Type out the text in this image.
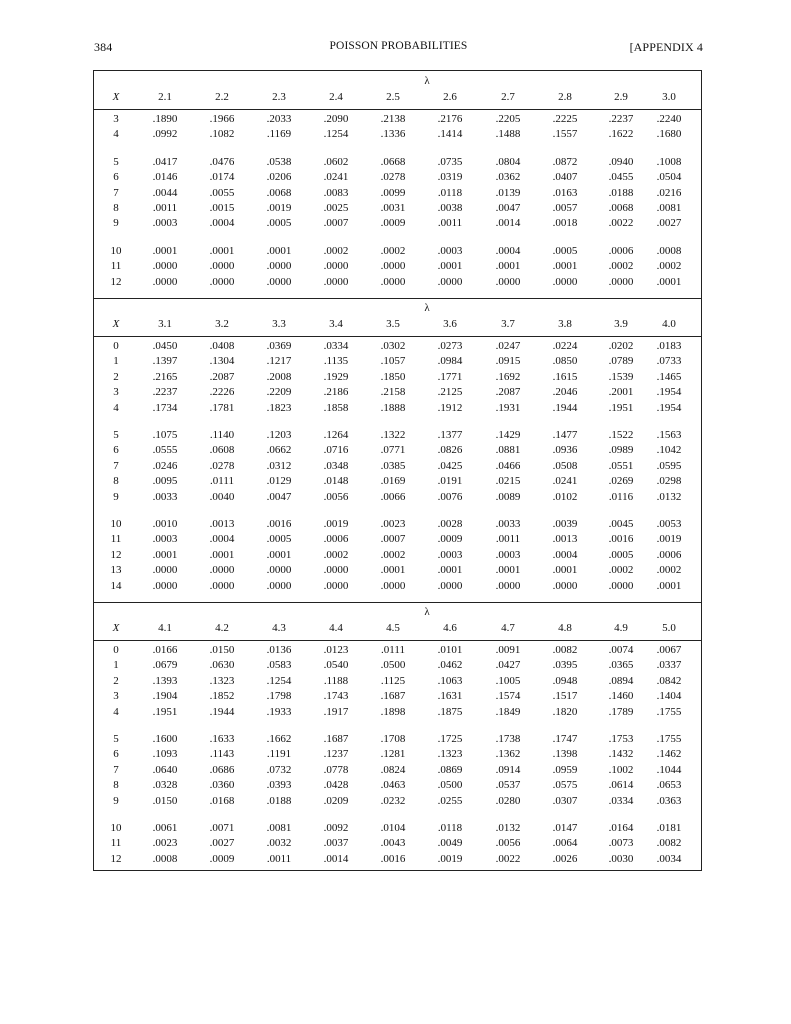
384	POISSON PROBABILITIES	[APPENDIX 4
λ
X	2.1	2.2	2.3	2.4	2.5	2.6	2.7	2.8	2.9	3.0
3	.1890	.1966	.2033	.2090	.2138	.2176	.2205	.2225	.2237	.2240
4	.0992	.1082	.1169	.1254	.1336	.1414	.1488	.1557	.1622	.1680
5	.0417	.0476	.0538	.0602	.0668	.0735	.0804	.0872	.0940	.1008
6	.0146	.0174	.0206	.0241	.0278	.0319	.0362	.0407	.0455	.0504
7	.0044	.0055	.0068	.0083	.0099	.0118	.0139	.0163	.0188	.0216
8	.0011	.0015	.0019	.0025	.0031	.0038	.0047	.0057	.0068	.0081
9	.0003	.0004	.0005	.0007	.0009	.0011	.0014	.0018	.0022	.0027
10	.0001	.0001	.0001	.0002	.0002	.0003	.0004	.0005	.0006	.0008
11	.0000	.0000	.0000	.0000	.0000	.0001	.0001	.0001	.0002	.0002
12	.0000	.0000	.0000	.0000	.0000	.0000	.0000	.0000	.0000	.0001
λ
X	3.1	3.2	3.3	3.4	3.5	3.6	3.7	3.8	3.9	4.0
0	.0450	.0408	.0369	.0334	.0302	.0273	.0247	.0224	.0202	.0183
1	.1397	.1304	.1217	.1135	.1057	.0984	.0915	.0850	.0789	.0733
2	.2165	.2087	.2008	.1929	.1850	.1771	.1692	.1615	.1539	.1465
3	.2237	.2226	.2209	.2186	.2158	.2125	.2087	.2046	.2001	.1954
4	.1734	.1781	.1823	.1858	.1888	.1912	.1931	.1944	.1951	.1954
5	.1075	.1140	.1203	.1264	.1322	.1377	.1429	.1477	.1522	.1563
6	.0555	.0608	.0662	.0716	.0771	.0826	.0881	.0936	.0989	.1042
7	.0246	.0278	.0312	.0348	.0385	.0425	.0466	.0508	.0551	.0595
8	.0095	.0111	.0129	.0148	.0169	.0191	.0215	.0241	.0269	.0298
9	.0033	.0040	.0047	.0056	.0066	.0076	.0089	.0102	.0116	.0132
10	.0010	.0013	.0016	.0019	.0023	.0028	.0033	.0039	.0045	.0053
11	.0003	.0004	.0005	.0006	.0007	.0009	.0011	.0013	.0016	.0019
12	.0001	.0001	.0001	.0002	.0002	.0003	.0003	.0004	.0005	.0006
13	.0000	.0000	.0000	.0000	.0001	.0001	.0001	.0001	.0002	.0002
14	.0000	.0000	.0000	.0000	.0000	.0000	.0000	.0000	.0000	.0001
λ
X	4.1	4.2	4.3	4.4	4.5	4.6	4.7	4.8	4.9	5.0
0	.0166	.0150	.0136	.0123	.0111	.0101	.0091	.0082	.0074	.0067
1	.0679	.0630	.0583	.0540	.0500	.0462	.0427	.0395	.0365	.0337
2	.1393	.1323	.1254	.1188	.1125	.1063	.1005	.0948	.0894	.0842
3	.1904	.1852	.1798	.1743	.1687	.1631	.1574	.1517	.1460	.1404
4	.1951	.1944	.1933	.1917	.1898	.1875	.1849	.1820	.1789	.1755
5	.1600	.1633	.1662	.1687	.1708	.1725	.1738	.1747	.1753	.1755
6	.1093	.1143	.1191	.1237	.1281	.1323	.1362	.1398	.1432	.1462
7	.0640	.0686	.0732	.0778	.0824	.0869	.0914	.0959	.1002	.1044
8	.0328	.0360	.0393	.0428	.0463	.0500	.0537	.0575	.0614	.0653
9	.0150	.0168	.0188	.0209	.0232	.0255	.0280	.0307	.0334	.0363
10	.0061	.0071	.0081	.0092	.0104	.0118	.0132	.0147	.0164	.0181
11	.0023	.0027	.0032	.0037	.0043	.0049	.0056	.0064	.0073	.0082
12	.0008	.0009	.0011	.0014	.0016	.0019	.0022	.0026	.0030	.0034
